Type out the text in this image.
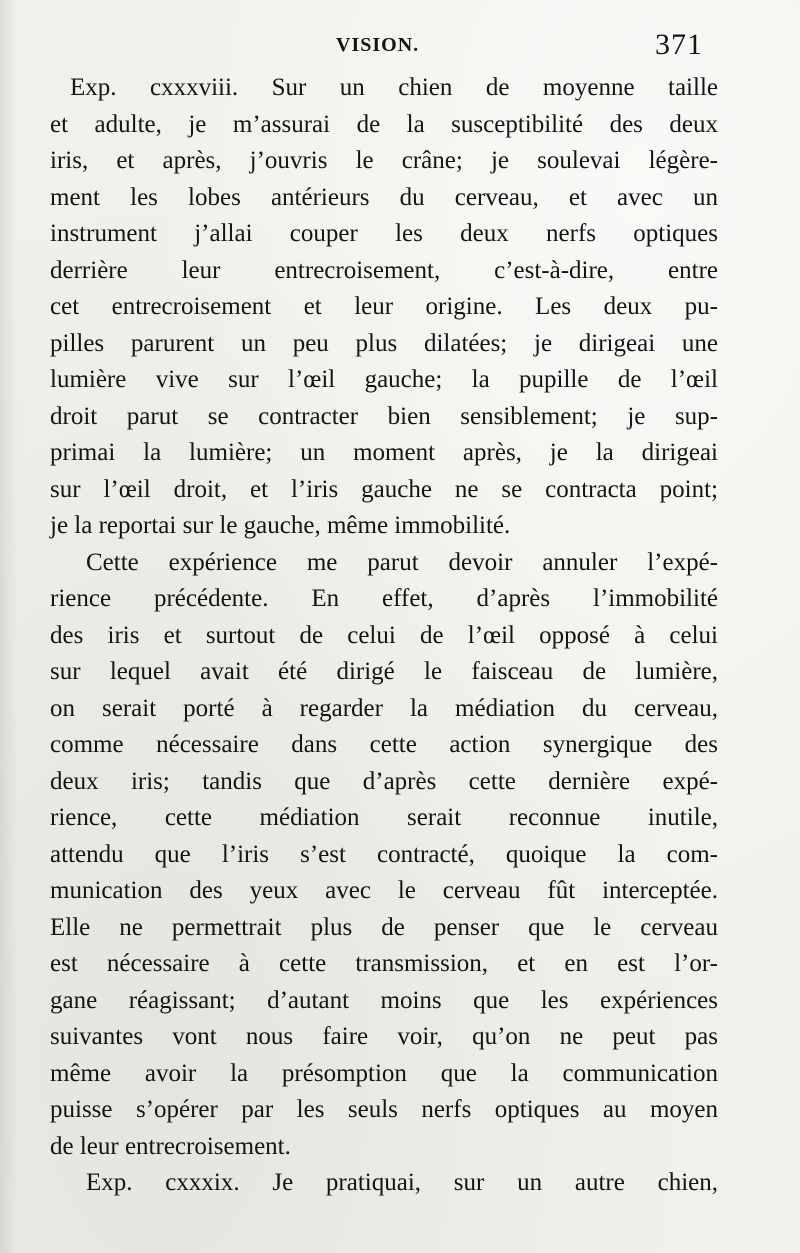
VISION.	371
Exp. cxxxviii. Sur un chien de moyenne taille
et adulte, je m’assurai de la susceptibilité des deux
iris, et après, j’ouvris le crâne; je soulevai légère-
ment les lobes antérieurs du cerveau, et avec un
instrument j’allai couper les deux nerfs optiques
derrière leur entrecroisement, c’est-à-dire, entre
cet entrecroisement et leur origine. Les deux pu-
pilles parurent un peu plus dilatées; je dirigeai une
lumière vive sur l’œil gauche; la pupille de l’œil
droit parut se contracter bien sensiblement; je sup-
primai la lumière; un moment après, je la dirigeai
sur l’œil droit, et l’iris gauche ne se contracta point;
je la reportai sur le gauche, même immobilité.
Cette expérience me parut devoir annuler l’expé-
rience précédente. En effet, d’après l’immobilité
des iris et surtout de celui de l’œil opposé à celui
sur lequel avait été dirigé le faisceau de lumière,
on serait porté à regarder la médiation du cerveau,
comme nécessaire dans cette action synergique des
deux iris; tandis que d’après cette dernière expé-
rience, cette médiation serait reconnue inutile,
attendu que l’iris s’est contracté, quoique la com-
munication des yeux avec le cerveau fût interceptée.
Elle ne permettrait plus de penser que le cerveau
est nécessaire à cette transmission, et en est l’or-
gane réagissant; d’autant moins que les expériences
suivantes vont nous faire voir, qu’on ne peut pas
même avoir la présomption que la communication
puisse s’opérer par les seuls nerfs optiques au moyen
de leur entrecroisement.
Exp. cxxxix. Je pratiquai, sur un autre chien,
